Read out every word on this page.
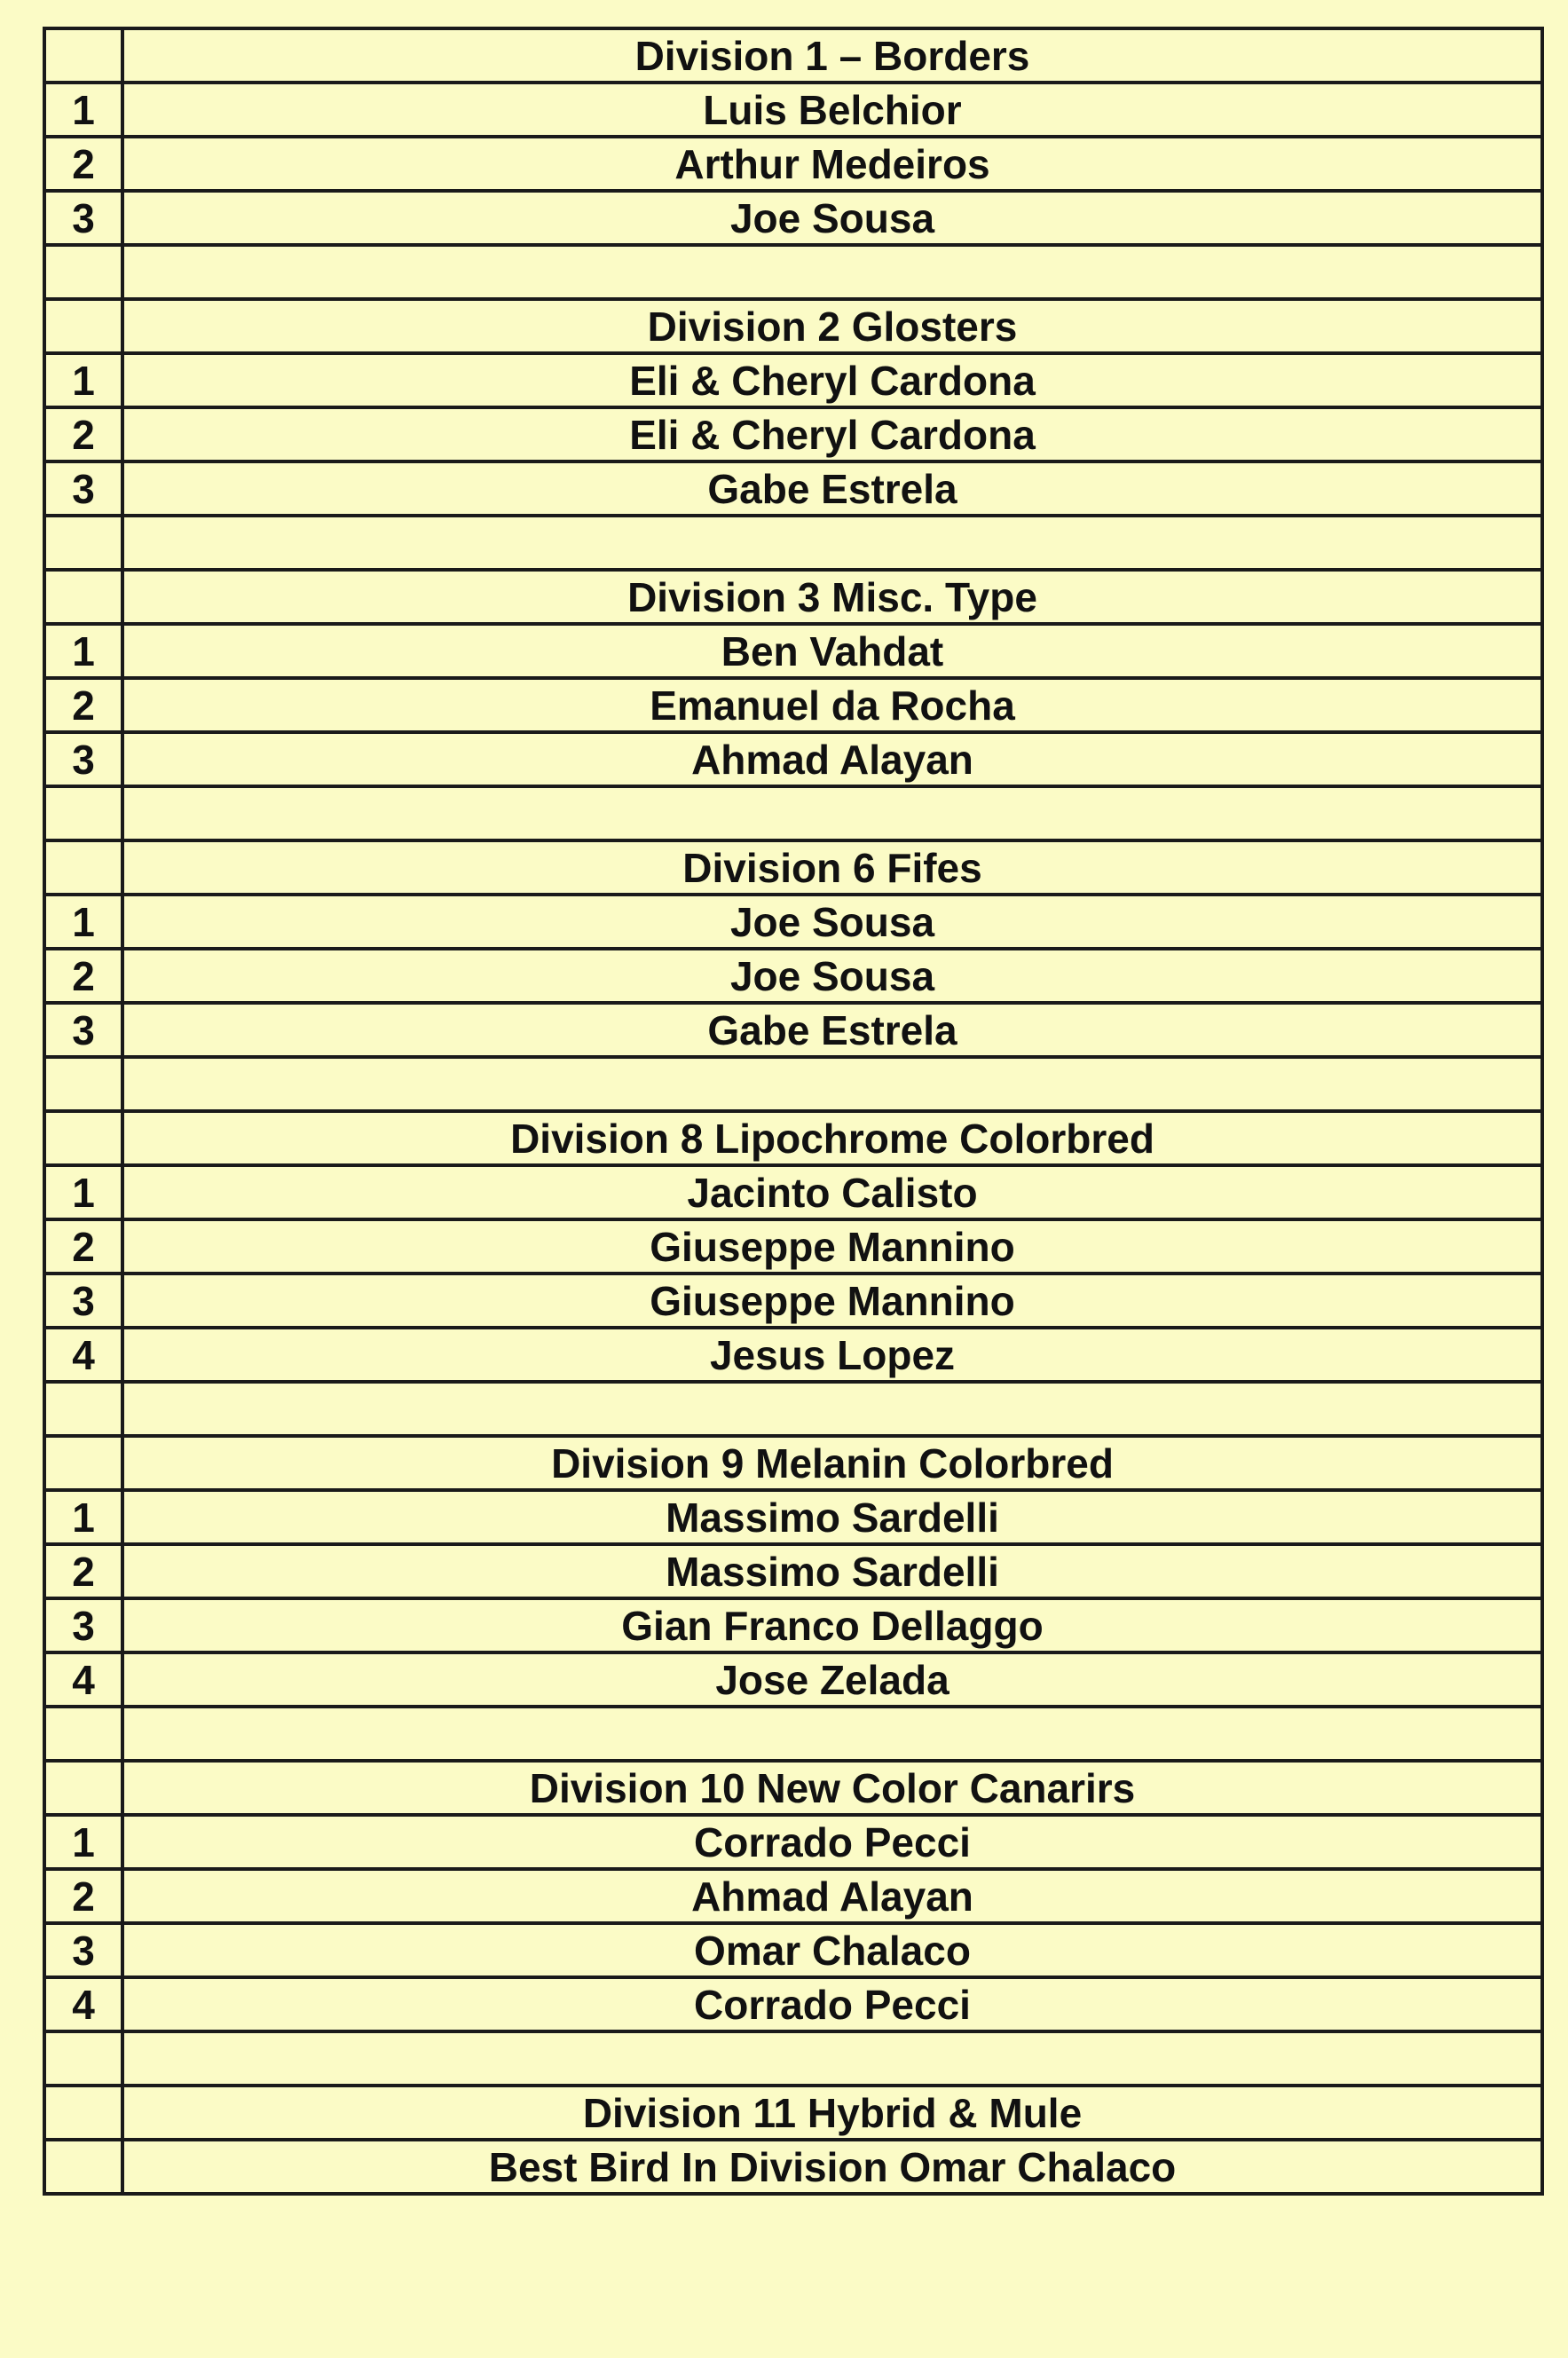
	Division 1 – Borders
1	Luis Belchior
2	Arthur Medeiros
3	Joe Sousa

	Division 2 Glosters
1	Eli & Cheryl Cardona
2	Eli & Cheryl Cardona
3	Gabe Estrela

	Division 3 Misc. Type
1	Ben Vahdat
2	Emanuel da Rocha
3	Ahmad Alayan

	Division 6 Fifes
1	Joe Sousa
2	Joe Sousa
3	Gabe Estrela

	Division 8 Lipochrome Colorbred
1	Jacinto Calisto
2	Giuseppe Mannino
3	Giuseppe Mannino
4	Jesus Lopez

	Division 9 Melanin Colorbred
1	Massimo Sardelli
2	Massimo Sardelli
3	Gian Franco Dellaggo
4	Jose Zelada

	Division 10 New Color Canarirs
1	Corrado Pecci
2	Ahmad Alayan
3	Omar Chalaco
4	Corrado Pecci

	Division 11 Hybrid & Mule
	Best Bird In Division Omar Chalaco
